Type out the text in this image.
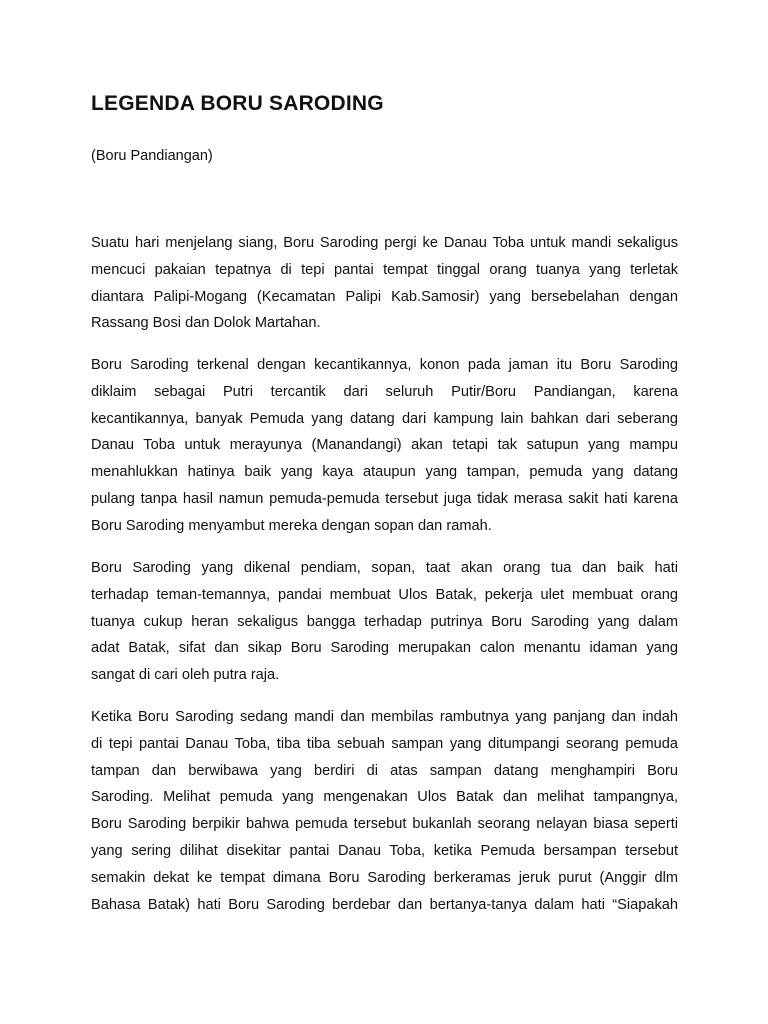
LEGENDA BORU SARODING

(Boru Pandiangan)

Suatu hari menjelang siang, Boru Saroding pergi ke Danau Toba untuk mandi sekaligus
mencuci pakaian tepatnya di tepi pantai tempat tinggal orang tuanya yang terletak
diantara Palipi-Mogang (Kecamatan Palipi Kab.Samosir) yang bersebelahan dengan
Rassang Bosi dan Dolok Martahan.
Boru Saroding terkenal dengan kecantikannya, konon pada jaman itu Boru Saroding
diklaim sebagai Putri tercantik dari seluruh Putir/Boru Pandiangan, karena
kecantikannya, banyak Pemuda yang datang dari kampung lain bahkan dari seberang
Danau Toba untuk merayunya (Manandangi) akan tetapi tak satupun yang mampu
menahlukkan hatinya baik yang kaya ataupun yang tampan, pemuda yang datang
pulang tanpa hasil namun pemuda-pemuda tersebut juga tidak merasa sakit hati karena
Boru Saroding menyambut mereka dengan sopan dan ramah.
Boru Saroding yang dikenal pendiam, sopan, taat akan orang tua dan baik hati
terhadap teman-temannya, pandai membuat Ulos Batak, pekerja ulet membuat orang
tuanya cukup heran sekaligus bangga terhadap putrinya Boru Saroding yang dalam
adat Batak, sifat dan sikap Boru Saroding merupakan calon menantu idaman yang
sangat di cari oleh putra raja.
Ketika Boru Saroding sedang mandi dan membilas rambutnya yang panjang dan indah
di tepi pantai Danau Toba, tiba tiba sebuah sampan yang ditumpangi seorang pemuda
tampan dan berwibawa yang berdiri di atas sampan datang menghampiri Boru
Saroding. Melihat pemuda yang mengenakan Ulos Batak dan melihat tampangnya,
Boru Saroding berpikir bahwa pemuda tersebut bukanlah seorang nelayan biasa seperti
yang sering dilihat disekitar pantai Danau Toba, ketika Pemuda bersampan tersebut
semakin dekat ke tempat dimana Boru Saroding berkeramas jeruk purut (Anggir dlm
Bahasa Batak) hati Boru Saroding berdebar dan bertanya-tanya dalam hati “Siapakah
